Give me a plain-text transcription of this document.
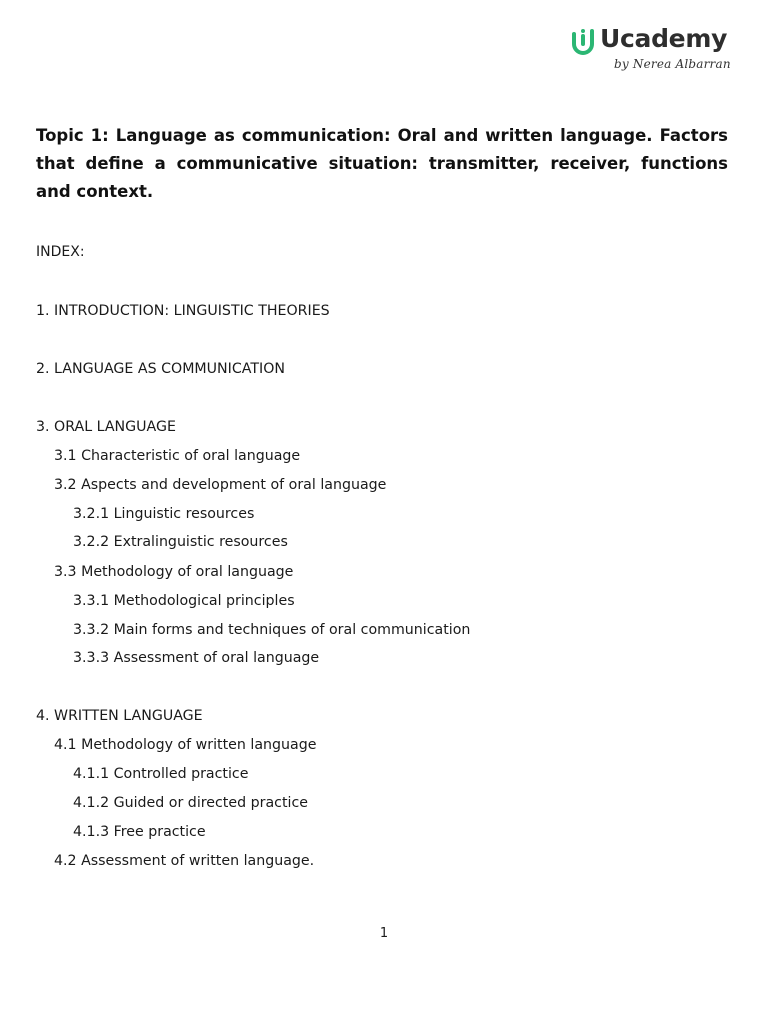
Ucademy
by Nerea Albarran

Topic 1: Language as communication: Oral and written language. Factors that define a communicative situation: transmitter, receiver, functions and context.

INDEX:
1. INTRODUCTION: LINGUISTIC THEORIES
2. LANGUAGE AS COMMUNICATION
3. ORAL LANGUAGE
3.1 Characteristic of oral language
3.2 Aspects and development of oral language
3.2.1 Linguistic resources
3.2.2 Extralinguistic resources
3.3 Methodology of oral language
3.3.1 Methodological principles
3.3.2 Main forms and techniques of oral communication
3.3.3 Assessment of oral language
4. WRITTEN LANGUAGE
4.1 Methodology of written language
4.1.1 Controlled practice
4.1.2 Guided or directed practice
4.1.3 Free practice
4.2 Assessment of written language.
1
